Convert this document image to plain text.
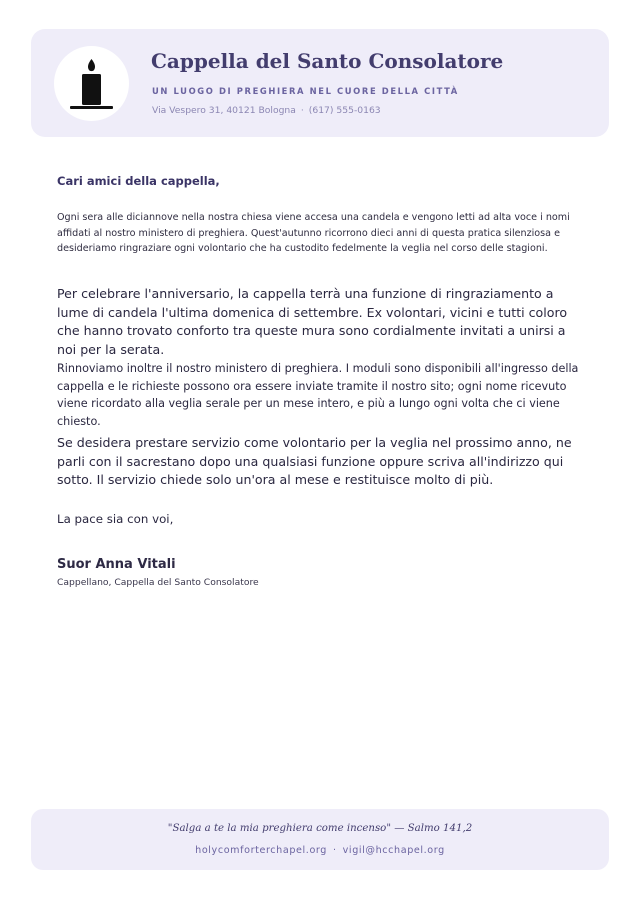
Cappella del Santo Consolatore
UN LUOGO DI PREGHIERA NEL CUORE DELLA CITTÀ
Via Vespero 31, 40121 Bologna · (617) 555-0163
Cari amici della cappella,
Ogni sera alle diciannove nella nostra chiesa viene accesa una candela e vengono letti ad alta voce i nomi affidati al nostro ministero di preghiera. Quest'autunno ricorrono dieci anni di questa pratica silenziosa e desideriamo ringraziare ogni volontario che ha custodito fedelmente la veglia nel corso delle stagioni.
Per celebrare l'anniversario, la cappella terrà una funzione di ringraziamento a lume di candela l'ultima domenica di settembre. Ex volontari, vicini e tutti coloro che hanno trovato conforto tra queste mura sono cordialmente invitati a unirsi a noi per la serata.
Rinnoviamo inoltre il nostro ministero di preghiera. I moduli sono disponibili all'ingresso della cappella e le richieste possono ora essere inviate tramite il nostro sito; ogni nome ricevuto viene ricordato alla veglia serale per un mese intero, e più a lungo ogni volta che ci viene chiesto.
Se desidera prestare servizio come volontario per la veglia nel prossimo anno, ne parli con il sacrestano dopo una qualsiasi funzione oppure scriva all'indirizzo qui sotto. Il servizio chiede solo un'ora al mese e restituisce molto di più.
La pace sia con voi,
Suor Anna Vitali
Cappellano, Cappella del Santo Consolatore
"Salga a te la mia preghiera come incenso" — Salmo 141,2
holycomforterchapel.org · vigil@hcchapel.org
